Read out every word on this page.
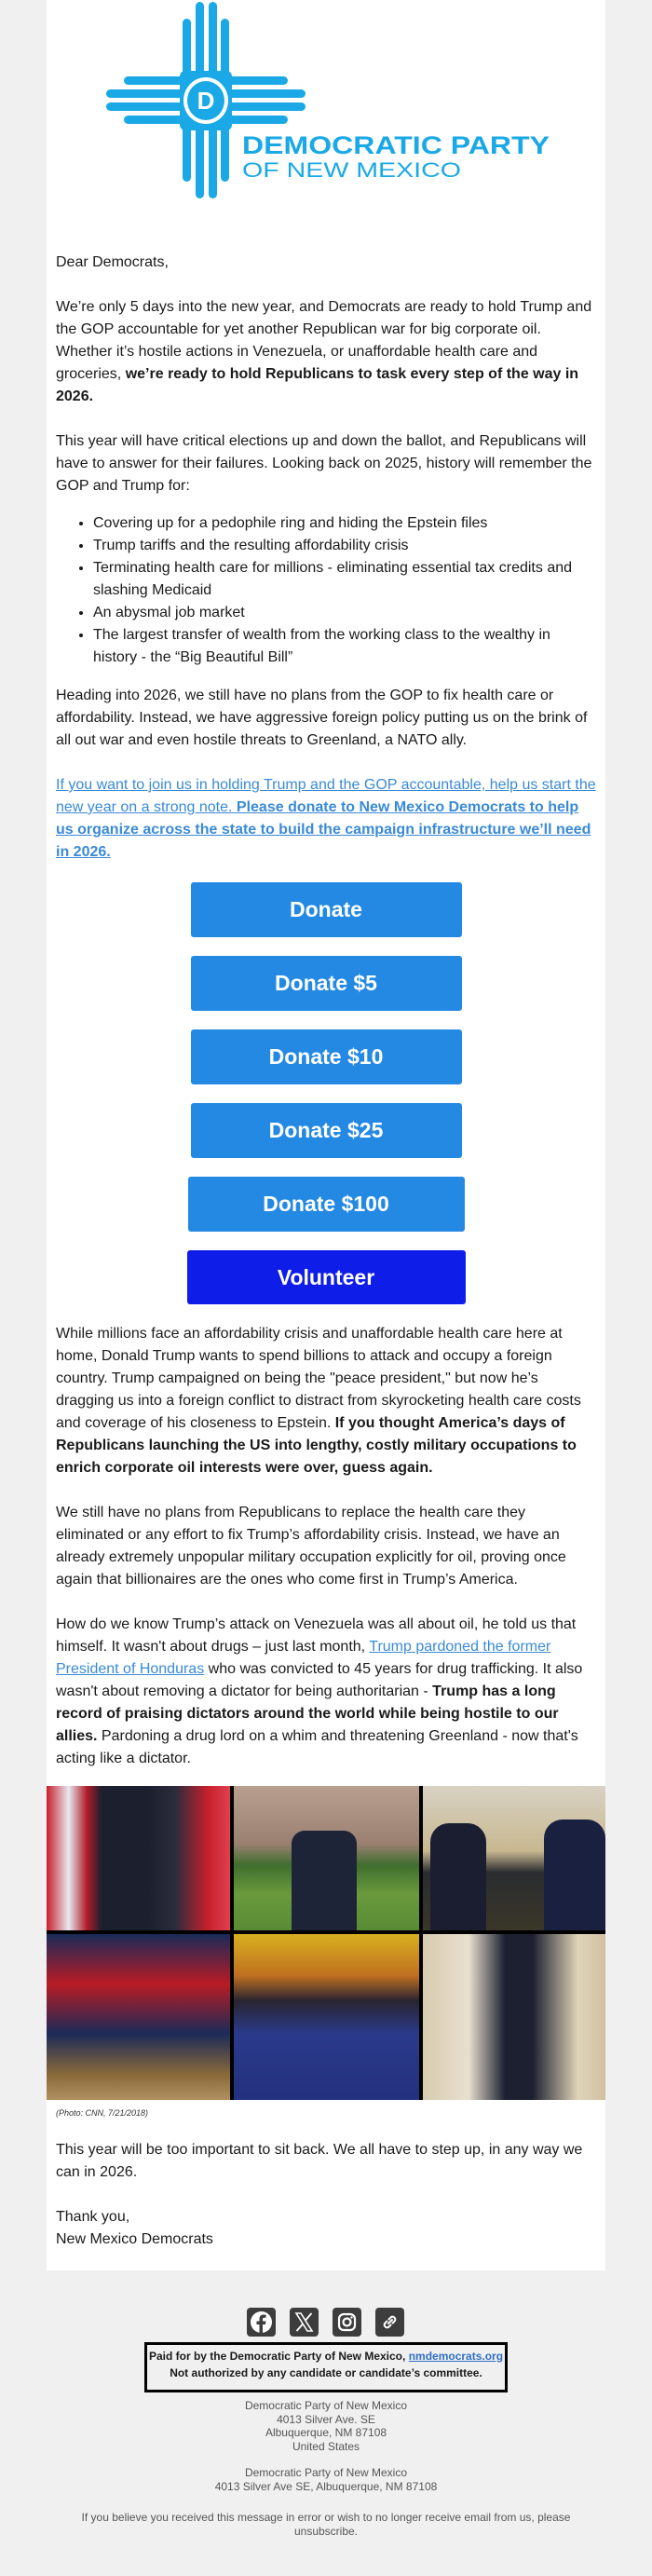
D
DEMOCRATIC PARTY
OF NEW MEXICO

Dear Democrats,

We’re only 5 days into the new year, and Democrats are ready to hold Trump and the GOP accountable for yet another Republican war for big corporate oil. Whether it’s hostile actions in Venezuela, or unaffordable health care and groceries, we’re ready to hold Republicans to task every step of the way in 2026.

This year will have critical elections up and down the ballot, and Republicans will have to answer for their failures. Looking back on 2025, history will remember the GOP and Trump for:

• Covering up for a pedophile ring and hiding the Epstein files
• Trump tariffs and the resulting affordability crisis
• Terminating health care for millions - eliminating essential tax credits and slashing Medicaid
• An abysmal job market
• The largest transfer of wealth from the working class to the wealthy in history - the “Big Beautiful Bill”

Heading into 2026, we still have no plans from the GOP to fix health care or affordability. Instead, we have aggressive foreign policy putting us on the brink of all out war and even hostile threats to Greenland, a NATO ally.

If you want to join us in holding Trump and the GOP accountable, help us start the new year on a strong note. Please donate to New Mexico Democrats to help us organize across the state to build the campaign infrastructure we’ll need in 2026.

Donate
Donate $5
Donate $10
Donate $25
Donate $100
Volunteer

While millions face an affordability crisis and unaffordable health care here at home, Donald Trump wants to spend billions to attack and occupy a foreign country. Trump campaigned on being the "peace president," but now he’s dragging us into a foreign conflict to distract from skyrocketing health care costs and coverage of his closeness to Epstein. If you thought America’s days of Republicans launching the US into lengthy, costly military occupations to enrich corporate oil interests were over, guess again.

We still have no plans from Republicans to replace the health care they eliminated or any effort to fix Trump’s affordability crisis. Instead, we have an already extremely unpopular military occupation explicitly for oil, proving once again that billionaires are the ones who come first in Trump’s America.

How do we know Trump’s attack on Venezuela was all about oil, he told us that himself. It wasn't about drugs – just last month, Trump pardoned the former President of Honduras who was convicted to 45 years for drug trafficking. It also wasn't about removing a dictator for being authoritarian - Trump has a long record of praising dictators around the world while being hostile to our allies. Pardoning a drug lord on a whim and threatening Greenland - now that's acting like a dictator.

(Photo: CNN, 7/21/2018)

This year will be too important to sit back. We all have to step up, in any way we can in 2026.

Thank you,
New Mexico Democrats
Paid for by the Democratic Party of New Mexico, nmdemocrats.org
Not authorized by any candidate or candidate’s committee.
Democratic Party of New Mexico
4013 Silver Ave. SE
Albuquerque, NM 87108
United States
Democratic Party of New Mexico
4013 Silver Ave SE, Albuquerque, NM 87108
If you believe you received this message in error or wish to no longer receive email from us, please unsubscribe.
